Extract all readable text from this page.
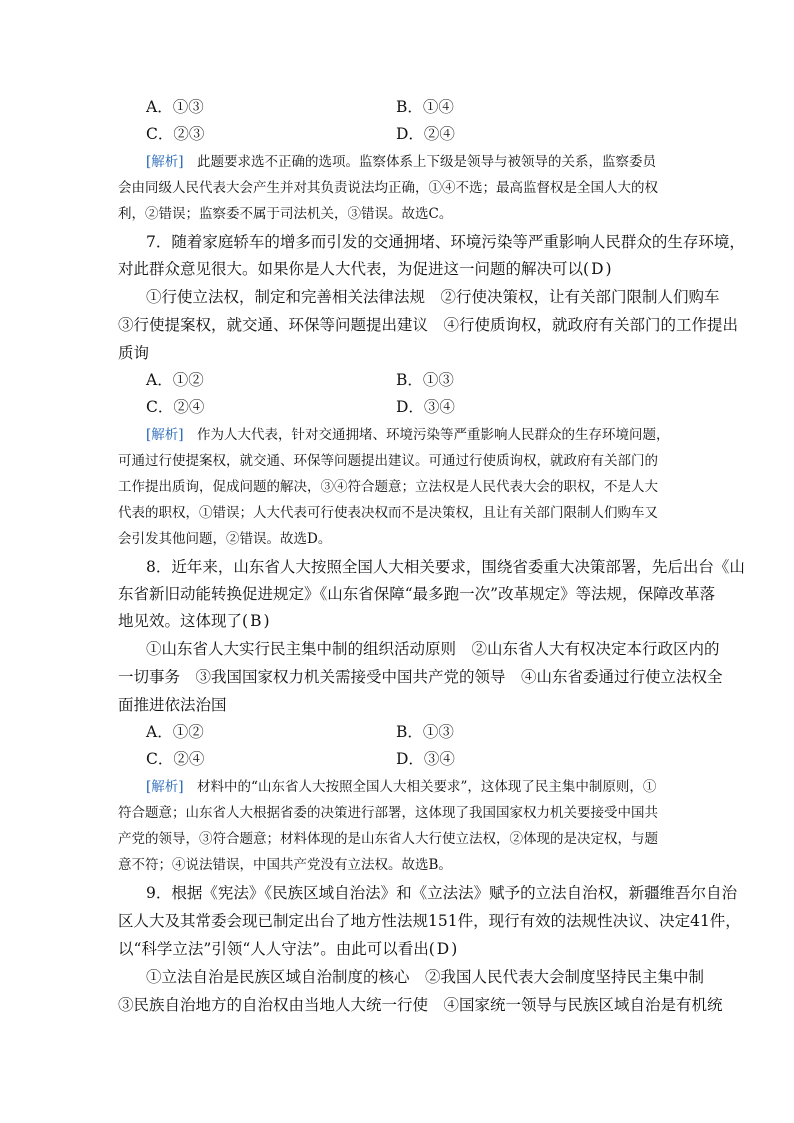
A．①③	B．①④
C．②③	D．②④
[解析]　 此题要求选不正确的选项。监察体系上下级是领导与被领导的关系，监察委员
会由同级人民代表大会产生并对其负责说法均正确，①④不选；最高监督权是全国人大的权
利，②错误；监察委不属于司法机关，③错误。故选C。
7．随着家庭轿车的增多而引发的交通拥堵、环境污染等严重影响人民群众的生存环境，
对此群众意见很大。如果你是人大代表，为促进这一问题的解决可以( D )
①行使立法权，制定和完善相关法律法规　②行使决策权，让有关部门限制人们购车
③行使提案权，就交通、环保等问题提出建议　④行使质询权，就政府有关部门的工作提出
质询
A．①②	B．①③
C．②④	D．③④
[解析]　 作为人大代表，针对交通拥堵、环境污染等严重影响人民群众的生存环境问题，
可通过行使提案权，就交通、环保等问题提出建议。可通过行使质询权，就政府有关部门的
工作提出质询，促成问题的解决，③④符合题意；立法权是人民代表大会的职权，不是人大
代表的职权，①错误；人大代表可行使表决权而不是决策权，且让有关部门限制人们购车又
会引发其他问题，②错误。故选D。
8．近年来，山东省人大按照全国人大相关要求，围绕省委重大决策部署，先后出台《山
东省新旧动能转换促进规定》《山东省保障“最多跑一次”改革规定》等法规，保障改革落
地见效。这体现了( B )
①山东省人大实行民主集中制的组织活动原则　②山东省人大有权决定本行政区内的
一切事务　③我国国家权力机关需接受中国共产党的领导　④山东省委通过行使立法权全
面推进依法治国
A．①②	B．①③
C．②④	D．③④
[解析]　 材料中的“山东省人大按照全国人大相关要求”，这体现了民主集中制原则，①
符合题意；山东省人大根据省委的决策进行部署，这体现了我国国家权力机关要接受中国共
产党的领导，③符合题意；材料体现的是山东省人大行使立法权，②体现的是决定权，与题
意不符；④说法错误，中国共产党没有立法权。故选B。
9．根据《宪法》《民族区域自治法》和《立法法》赋予的立法自治权，新疆维吾尔自治
区人大及其常委会现已制定出台了地方性法规151件，现行有效的法规性决议、决定41件，
以“科学立法”引领“人人守法”。由此可以看出( D )
①立法自治是民族区域自治制度的核心　②我国人民代表大会制度坚持民主集中制
③民族自治地方的自治权由当地人大统一行使　④国家统一领导与民族区域自治是有机统
